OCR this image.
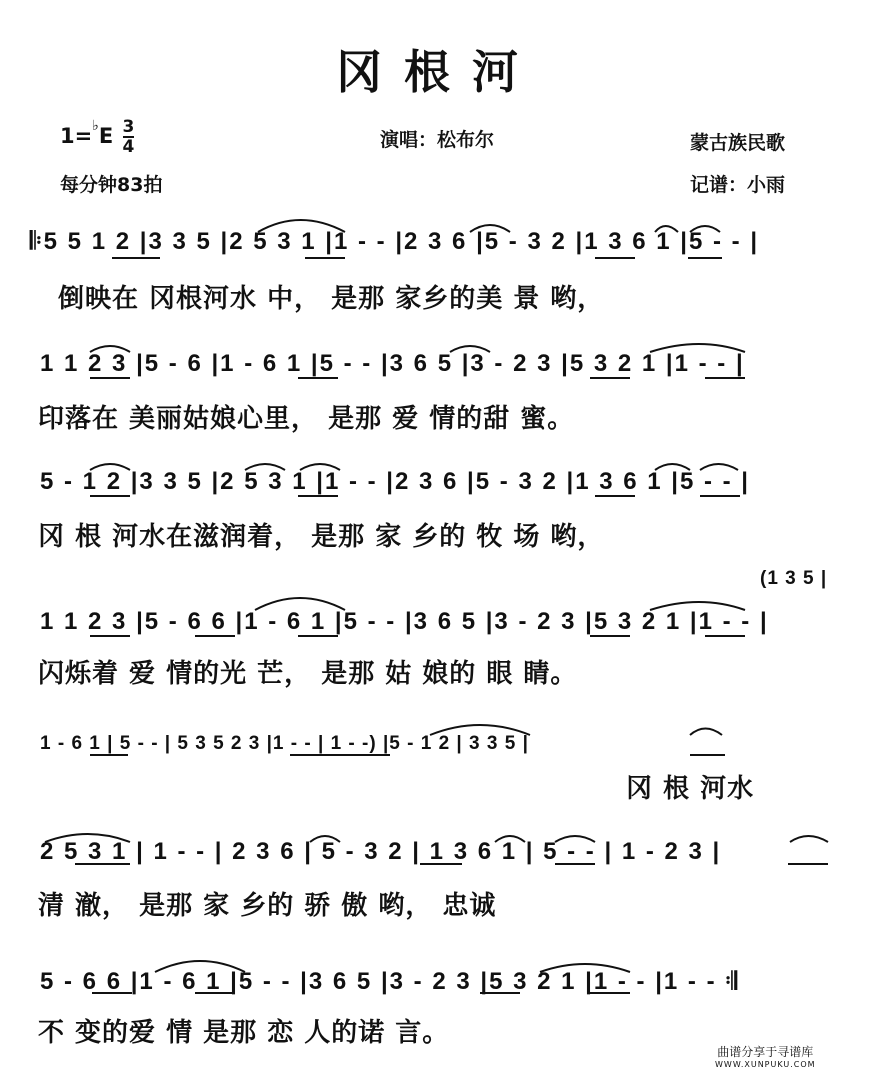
冈根河
$1=^♭E \frac{3}{4}$
每分钟83拍
演唱：松布尔	蒙古族民歌
记谱：小雨
𝄆5 5 1 2 |3 3 5 |2 5 3 1 |1 - - |2 3 6 |5 - 3 2 |1 3 6 1 |5 - - |
倒映在 冈根河水 中， 是那 家乡的美 景 哟，
1 1 2 3 |5 - 6 |1 - 6 1 |5 - - |3 6 5 |3 - 2 3 |5 3 2 1 |1 - - |
印落在 美丽姑娘心里， 是那 爱 情的甜 蜜。
5 - 1 2 |3 3 5 |2 5 3 1 |1 - - |2 3 6 |5 - 3 2 |1 3 6 1 |5 - - |
冈 根 河水在滋润着， 是那 家 乡的 牧 场 哟，
(1 3 5 |
1 1 2 3 |5 - 6 6 |1 - 6 1 |5 - - |3 6 5 |3 - 2 3 |5 3 2 1 |1 - - |
闪烁着 爱 情的光 芒， 是那 姑 娘的 眼 睛。
1 - 6 1 | 5 - - | 5 3 5 2 3 |1 - - | 1 - -) |5 - 1 2 | 3 3 5 |
冈 根 河水
2 5 3 1 | 1 - - | 2 3 6 | 5 - 3 2 | 1 3 6 1 | 5 - - | 1 - 2 3 |
清 澈， 是那 家 乡的 骄 傲 哟， 忠诚
5 - 6 6 |1 - 6 1 |5 - - |3 6 5 |3 - 2 3 |5 3 2 1 |1 - - |1 - - 𝄇
不 变的爱 情 是那 恋 人的诺 言。
曲谱分享于寻谱库
WWW.XUNPUKU.COM
